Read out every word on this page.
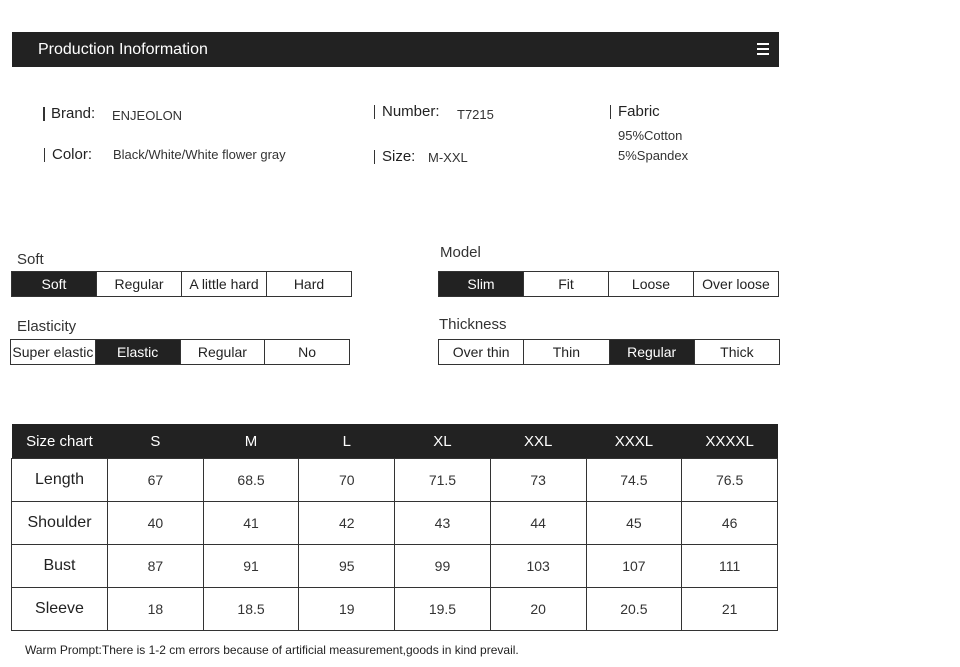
Production Inoformation
Brand: ENJEOLON
Color: Black/White/White flower gray
Number: T7215
Size: M-XXL
Fabric
95%Cotton
5%Spandex
Soft
Soft	Regular	A little hard	Hard
Elasticity
Super elastic	Elastic	Regular	No
Model
Slim	Fit	Loose	Over loose
Thickness
Over thin	Thin	Regular	Thick
Size chart	S	M	L	XL	XXL	XXXL	XXXXL
Length	67	68.5	70	71.5	73	74.5	76.5
Shoulder	40	41	42	43	44	45	46
Bust	87	91	95	99	103	107	111
Sleeve	18	18.5	19	19.5	20	20.5	21
Warm Prompt:There is 1-2 cm errors because of artificial measurement,goods in kind prevail.
